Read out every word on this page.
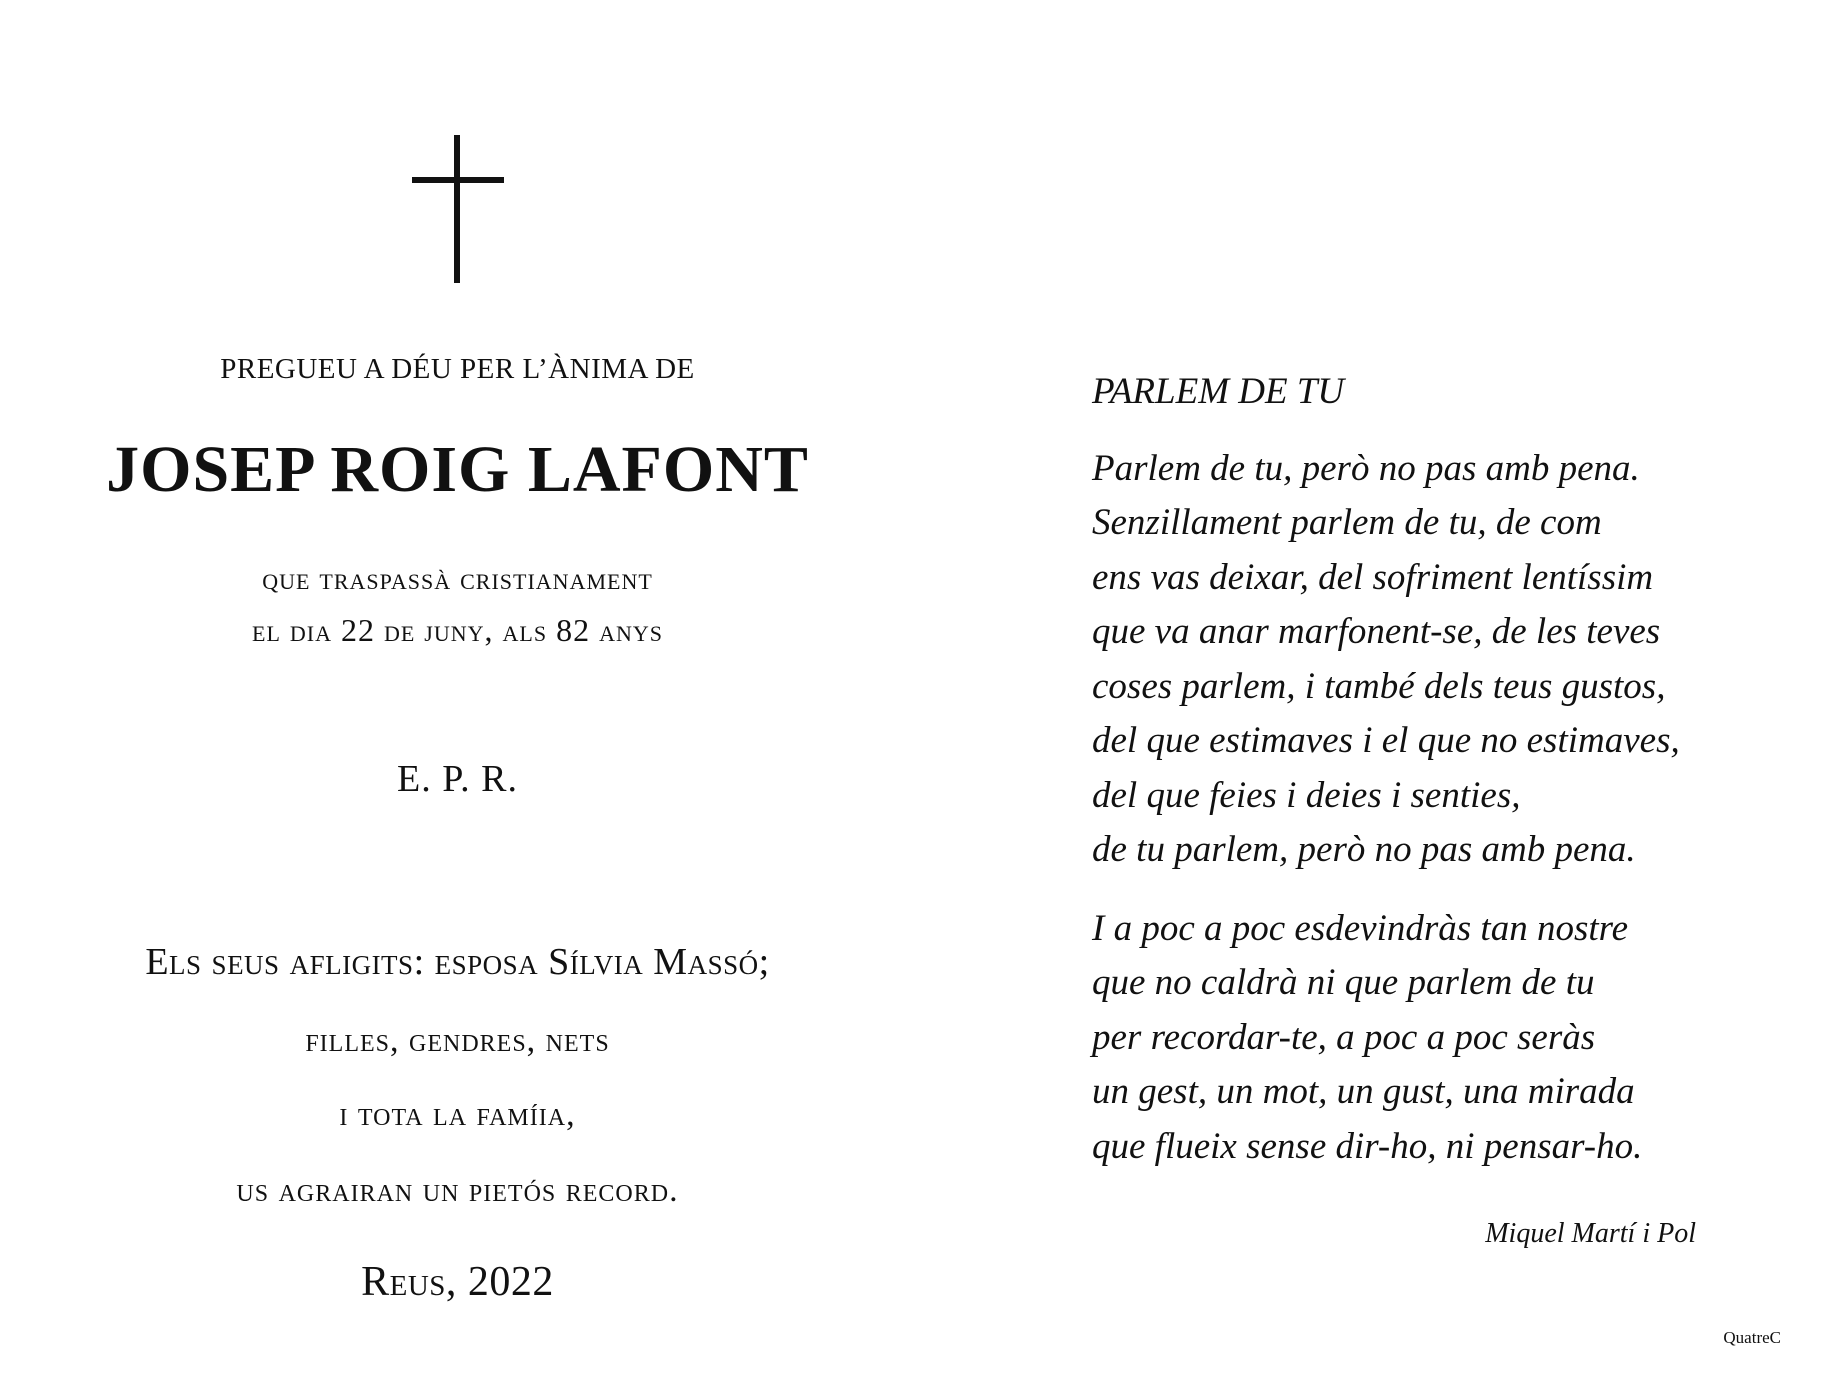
PREGUEU A DÉU PER L’ÀNIMA DE
JOSEP ROIG LAFONT
que traspassà cristianament
el dia 22 de juny, als 82 anys
E. P. R.
Els seus afligits: esposa Sílvia Massó;
filles, gendres, nets
i tota la famíia,
us agrairan un pietós record.
Reus, 2022
PARLEM DE TU
Parlem de tu, però no pas amb pena.
Senzillament parlem de tu, de com
ens vas deixar, del sofriment lentíssim
que va anar marfonent-se, de les teves
coses parlem, i també dels teus gustos,
del que estimaves i el que no estimaves,
del que feies i deies i senties,
de tu parlem, però no pas amb pena.
I a poc a poc esdevindràs tan nostre
que no caldrà ni que parlem de tu
per recordar-te, a poc a poc seràs
un gest, un mot, un gust, una mirada
que flueix sense dir-ho, ni pensar-ho.
Miquel Martí i Pol
QuatreC
